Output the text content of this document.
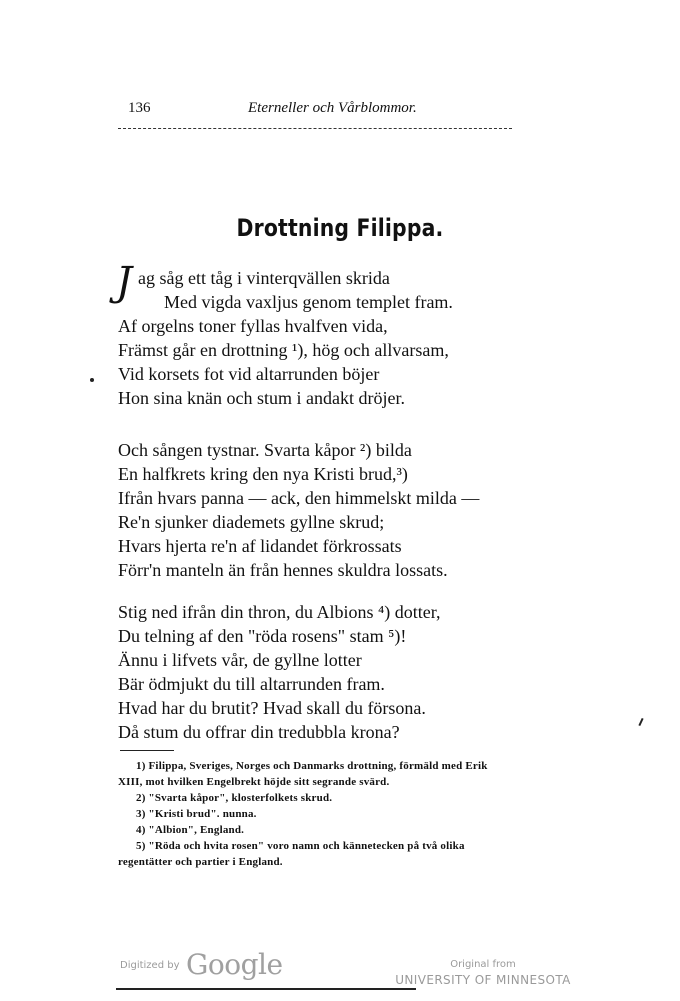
136	Eterneller och Vårblommor.
Drottning Filippa.
J ag såg ett tåg i vinterqvällen skrida
Med vigda vaxljus genom templet fram.
Af orgelns toner fyllas hvalfven vida,
Främst går en drottning ¹), hög och allvarsam,
Vid korsets fot vid altarrunden böjer
Hon sina knän och stum i andakt dröjer.
Och sången tystnar. Svarta kåpor ²) bilda
En halfkrets kring den nya Kristi brud,³)
Ifrån hvars panna — ack, den himmelskt milda —
Re'n sjunker diademets gyllne skrud;
Hvars hjerta re'n af lidandet förkrossats
Förr'n manteln än från hennes skuldra lossats.
Stig ned ifrån din thron, du Albions ⁴) dotter,
Du telning af den "röda rosens" stam ⁵)!
Ännu i lifvets vår, de gyllne lotter
Bär ödmjukt du till altarrunden fram.
Hvad har du brutit? Hvad skall du försona.
Då stum du offrar din tredubbla krona?
1) Filippa, Sveriges, Norges och Danmarks drottning, förmäld med Erik
XIII, mot hvilken Engelbrekt höjde sitt segrande svärd.
2) "Svarta kåpor", klosterfolkets skrud.
3) "Kristi brud". nunna.
4) "Albion", England.
5) "Röda och hvita rosen" voro namn och kännetecken på två olika
regentätter och partier i England.
Digitized by Google	Original from
UNIVERSITY OF MINNESOTA
